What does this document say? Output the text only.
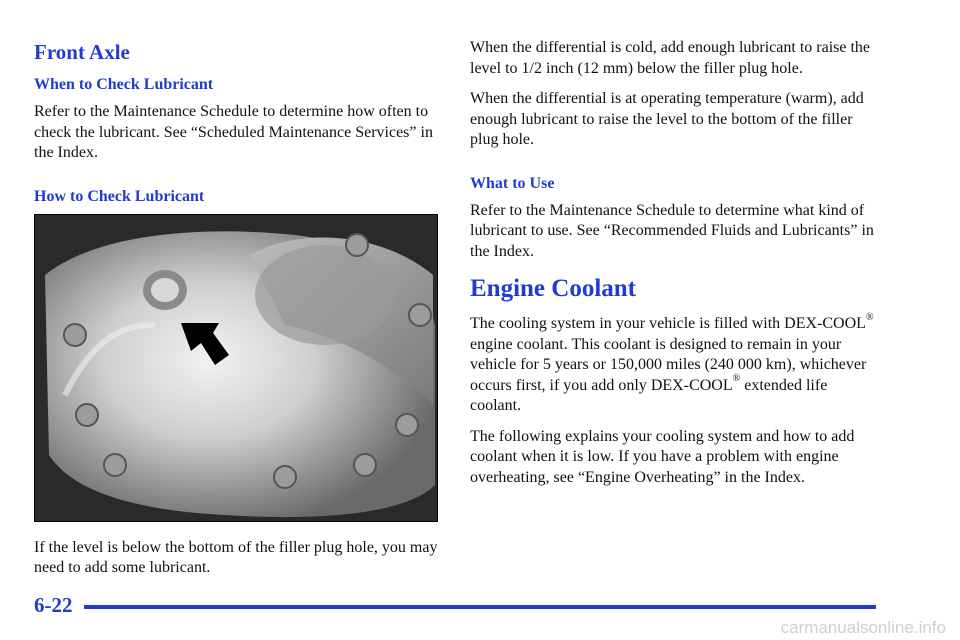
Front Axle
When to Check Lubricant

Refer to the Maintenance Schedule to determine how often to check the lubricant. See “Scheduled Maintenance Services” in the Index.

How to Check Lubricant

If the level is below the bottom of the filler plug hole, you may need to add some lubricant.

When the differential is cold, add enough lubricant to raise the level to 1/2 inch (12 mm) below the filler plug hole.

When the differential is at operating temperature (warm), add enough lubricant to raise the level to the bottom of the filler plug hole.

What to Use

Refer to the Maintenance Schedule to determine what kind of lubricant to use. See “Recommended Fluids and Lubricants” in the Index.

Engine Coolant

The cooling system in your vehicle is filled with DEX-COOL® engine coolant. This coolant is designed to remain in your vehicle for 5 years or 150,000 miles (240 000 km), whichever occurs first, if you add only DEX-COOL® extended life coolant.

The following explains your cooling system and how to add coolant when it is low. If you have a problem with engine overheating, see “Engine Overheating” in the Index.

6-22
carmanualsonline.info
